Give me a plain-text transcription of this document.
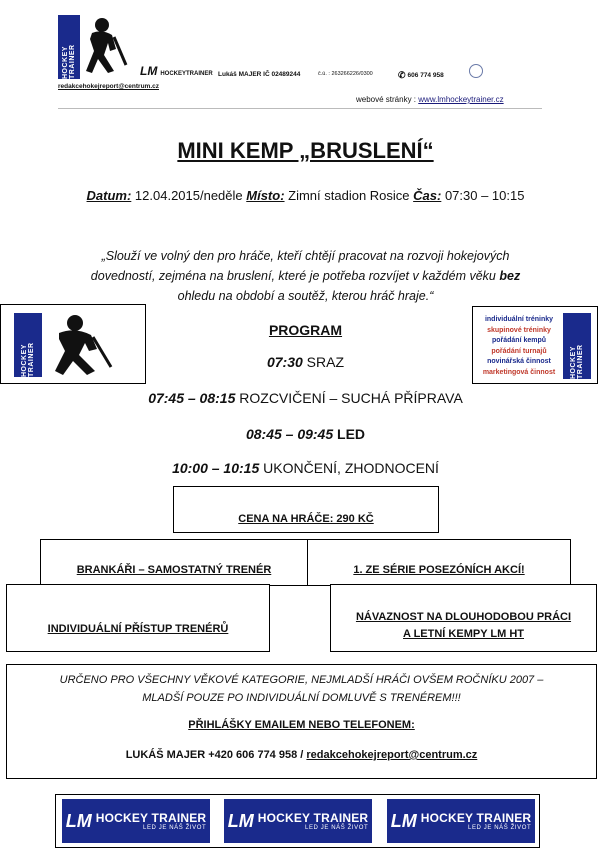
HOCKEY TRAINER	LM HOCKEYTRAINER Lukáš MAJER IČ 02489244	č.ú. : 263266226/0300	✆ 606 774 958
redakcehokejreport@centrum.cz
webové stránky : www.lmhockeytrainer.cz
MINI KEMP „BRUSLENÍ“
Datum: 12.04.2015/neděle Místo: Zimní stadion Rosice Čas: 07:30 – 10:15
„Slouží ve volný den pro hráče, kteří chtějí pracovat na rozvoji hokejových
dovedností, zejména na bruslení, které je potřeba rozvíjet v každém věku bez
ohledu na období a soutěž, kterou hráč hraje.“
HOCKEY TRAINER
individuální tréninky
skupinové tréninky
pořádání kempů
pořádání turnajů
novinářská činnost
marketingová činnost	HOCKEY TRAINER
PROGRAM
07:30 SRAZ
07:45 – 08:15 ROZCVIČENÍ – SUCHÁ PŘÍPRAVA
08:45 – 09:45 LED
10:00 – 10:15 UKONČENÍ, ZHODNOCENÍ
CENA NA HRÁČE: 290 KČ
BRANKÁŘI – SAMOSTATNÝ TRENÉR	1. ZE SÉRIE POSEZÓNÍCH AKCÍ!
INDIVIDUÁLNÍ PŘÍSTUP TRENÉRŮ
NÁVAZNOST NA DLOUHODOBOU PRÁCI
A LETNÍ KEMPY LM HT
URČENO PRO VŠECHNY VĚKOVÉ KATEGORIE, NEJMLADŠÍ HRÁČI OVŠEM ROČNÍKU 2007 –
MLADŠÍ POUZE PO INDIVIDUÁLNÍ DOMLUVĚ S TRENÉREM!!!
PŘIHLÁŠKY EMAILEM NEBO TELEFONEM:
LUKÁŠ MAJER +420 606 774 958 / redakcehokejreport@centrum.cz
LM HOCKEY TRAINER
LED JE NÁŠ ŽIVOT LM HOCKEY TRAINER
LED JE NÁŠ ŽIVOT LM HOCKEY TRAINER
LED JE NÁŠ ŽIVOT
